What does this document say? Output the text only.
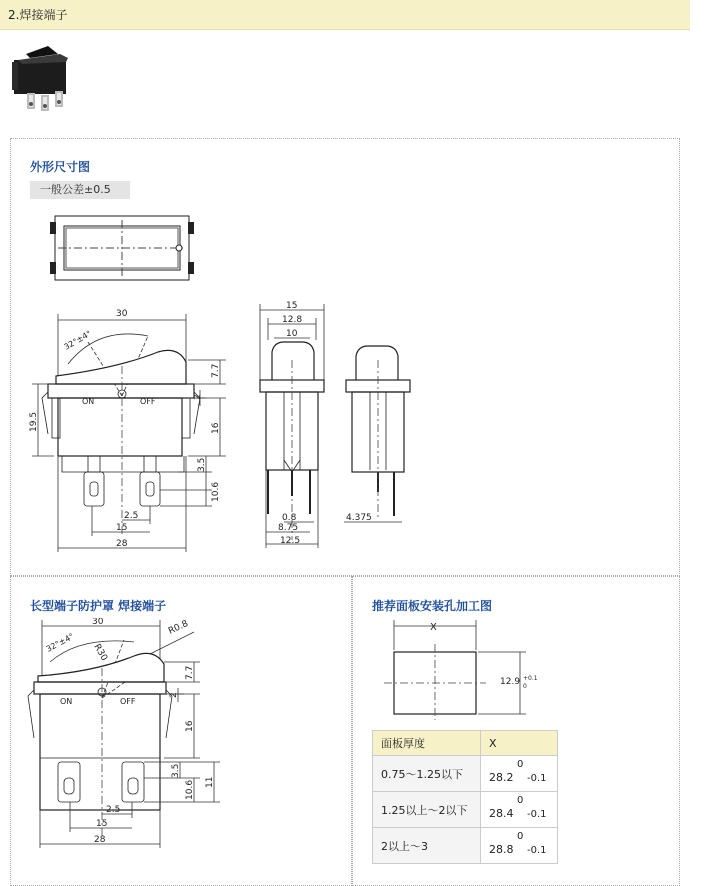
2.焊接端子
外形尺寸图
一般公差±0.5
长型端子防护罩 焊接端子	推荐面板安装孔加工图
30
32°±4°
ON	OFF
7.7
2
16
19.5
3.5
10.6
2.5
15
28
15
12.8
10
0.8
8.75
12.5
4.375
30
32°±4°
R0.8
R30
ON	OFF
7.7
2
16
3.5
10.6 11
2.5
15
28
X
12.9 +0.1
0
面板厚度	X
0.75～1.25以下	28.2
0
-0.1

1.25以上～2以下	28.4
0
-0.1

2以上～3	28.8
0
-0.1
